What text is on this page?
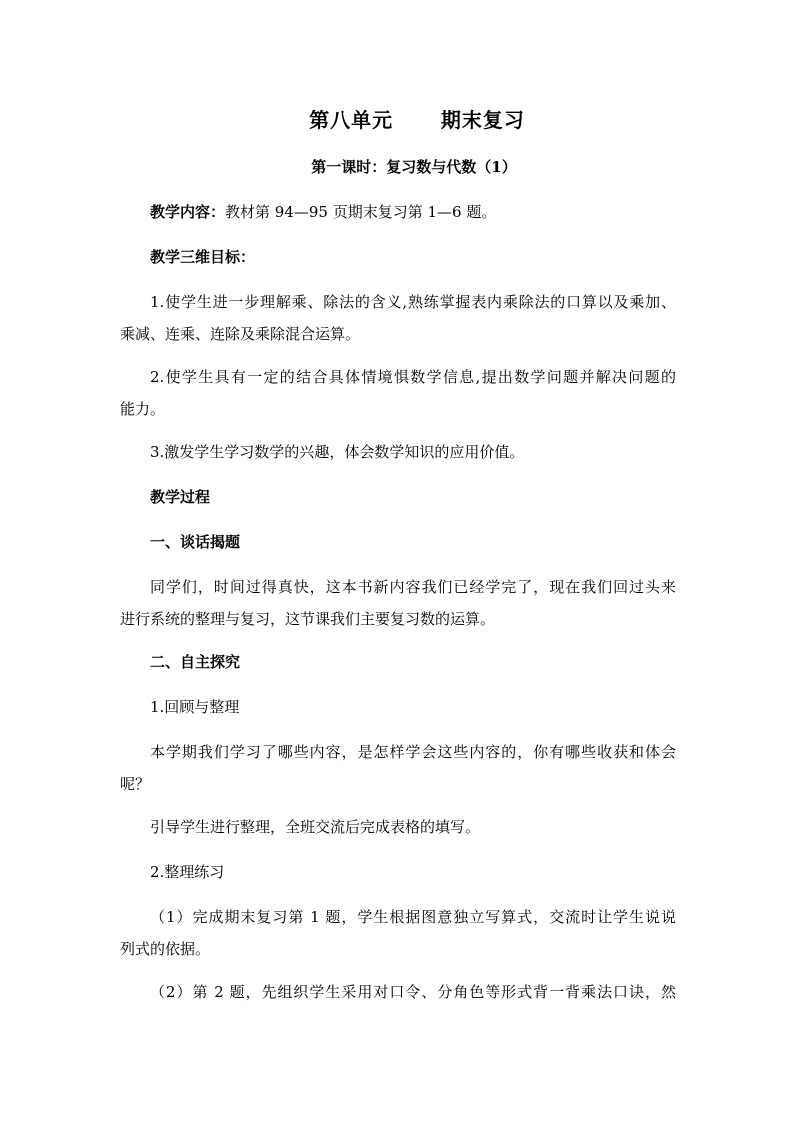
第八单元      期末复习
第一课时：复习数与代数（1）
教学内容：教材第 94—95 页期末复习第 1—6 题。
教学三维目标：
1.使学生进一步理解乘、除法的含义,熟练掌握表内乘除法的口算以及乘加、
乘减、连乘、连除及乘除混合运算。
2.使学生具有一定的结合具体情境惧数学信息,提出数学问题并解决问题的
能力。
3.激发学生学习数学的兴趣，体会数学知识的应用价值。
教学过程
一、谈话揭题
同学们，时间过得真快，这本书新内容我们已经学完了，现在我们回过头来
进行系统的整理与复习，这节课我们主要复习数的运算。
二、自主探究
1.回顾与整理
本学期我们学习了哪些内容，是怎样学会这些内容的，你有哪些收获和体会
呢？
引导学生进行整理，全班交流后完成表格的填写。
2.整理练习
（1）完成期末复习第 1 题，学生根据图意独立写算式，交流时让学生说说
列式的依据。
（2）第 2 题，先组织学生采用对口令、分角色等形式背一背乘法口诀，然
